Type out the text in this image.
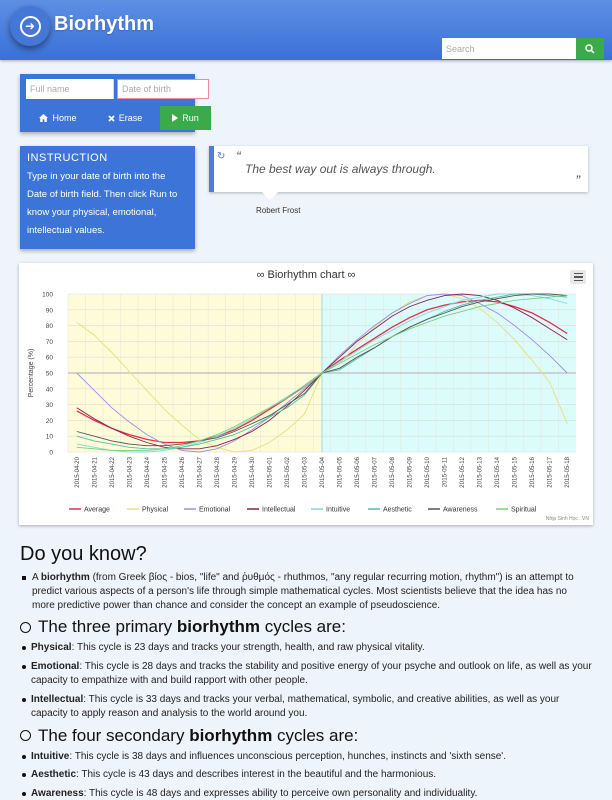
➜ Biorhythm
Search
Full name
Date of birth
Home	Erase	Run
INSTRUCTION
Type in your date of birth into the Date of birth field. Then click Run to know your physical, emotional, intellectual values.
↻ “
The best way out is always through.
”
Robert Frost
0
10
20
30
40
50
60
70
80
90
100
∞ Biorhythm chart ∞
Percentage (%)
2015-04-20 2015-04-21 2015-04-22 2015-04-23 2015-04-24 2015-04-25 2015-04-26 2015-04-27 2015-04-28 2015-04-29 2015-04-30 2015-05-01 2015-05-02 2015-05-03 2015-05-04 2015-05-05 2015-05-06 2015-05-07 2015-05-08 2015-05-09 2015-05-10 2015-05-11 2015-05-12 2015-05-13 2015-05-14 2015-05-15 2015-05-16 2015-05-17 2015-05-18
Average	Physical	Emotional	Intellectual	Intuitive	Aesthetic	Awareness	Spiritual
Nhịp Sinh Học . VN
Do you know?
A biorhythm (from Greek βίος - bios, "life" and ῥυθμός - rhuthmos, "any regular recurring motion, rhythm") is an attempt to predict various aspects of a person's life through simple mathematical cycles. Most scientists believe that the idea has no more predictive power than chance and consider the concept an example of pseudoscience.
The three primary biorhythm cycles are:
Physical: This cycle is 23 days and tracks your strength, health, and raw physical vitality.
Emotional: This cycle is 28 days and tracks the stability and positive energy of your psyche and outlook on life, as well as your capacity to empathize with and build rapport with other people.
Intellectual: This cycle is 33 days and tracks your verbal, mathematical, symbolic, and creative abilities, as well as your capacity to apply reason and analysis to the world around you.
The four secondary biorhythm cycles are:
Intuitive: This cycle is 38 days and influences unconscious perception, hunches, instincts and 'sixth sense'.
Aesthetic: This cycle is 43 days and describes interest in the beautiful and the harmonious.
Awareness: This cycle is 48 days and expresses ability to perceive own personality and individuality.
